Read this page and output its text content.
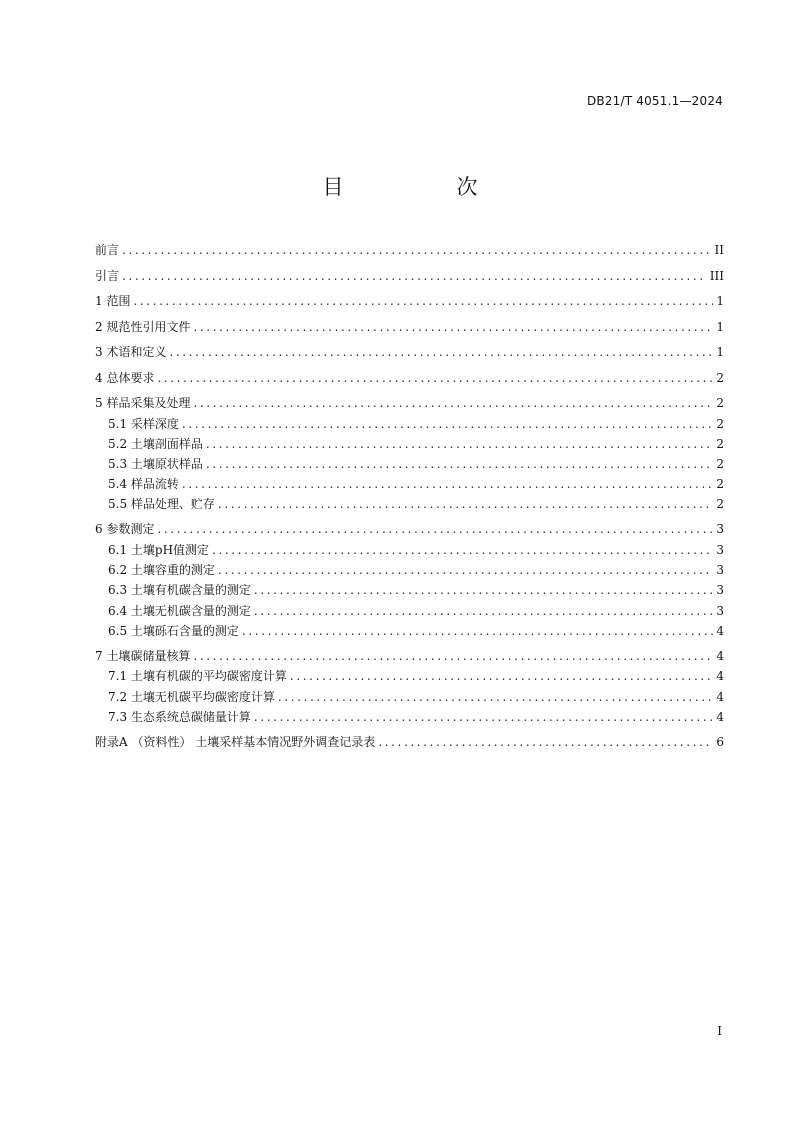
DB21/T 4051.1—2024
目　次
前言 .....	II
引言 .....	III
1 范围 .....	1
2 规范性引用文件 .....	1
3 术语和定义 .....	1
4 总体要求 .....	2
5 样品采集及处理 .....	2
5.1 采样深度 .....	2
5.2 土壤剖面样品 .....	2
5.3 土壤原状样品 .....	2
5.4 样品流转 .....	2
5.5 样品处理、贮存 .....	2
6 参数测定 .....	3
6.1 土壤pH值测定 .....	3
6.2 土壤容重的测定 .....	3
6.3 土壤有机碳含量的测定 .....	3
6.4 土壤无机碳含量的测定 .....	3
6.5 土壤砾石含量的测定 .....	4
7 土壤碳储量核算 .....	4
7.1 土壤有机碳的平均碳密度计算 .....	4
7.2 土壤无机碳平均碳密度计算 .....	4
7.3 生态系统总碳储量计算 .....	4
附录A （资料性） 土壤采样基本情况野外调查记录表 .....	6
I
